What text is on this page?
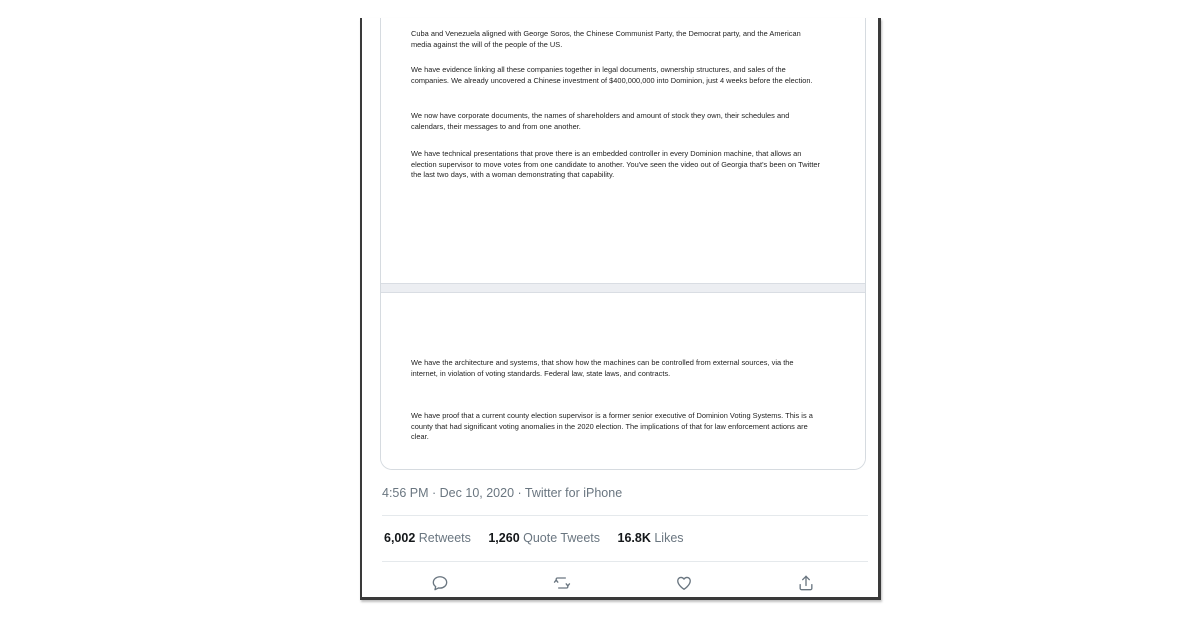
Cuba and Venezuela aligned with George Soros, the Chinese Communist Party, the Democrat party, and the American media against the will of the people of the US.

We have evidence linking all these companies together in legal documents, ownership structures, and sales of the companies. We already uncovered a Chinese investment of $400,000,000 into Dominion, just 4 weeks before the election.

We now have corporate documents, the names of shareholders and amount of stock they own, their schedules and calendars, their messages to and from one another.

We have technical presentations that prove there is an embedded controller in every Dominion machine, that allows an election supervisor to move votes from one candidate to another. You've seen the video out of Georgia that's been on Twitter the last two days, with a woman demonstrating that capability.

We have the architecture and systems, that show how the machines can be controlled from external sources, via the internet, in violation of voting standards. Federal law, state laws, and contracts.

We have proof that a current county election supervisor is a former senior executive of Dominion Voting Systems. This is a county that had significant voting anomalies in the 2020 election. The implications of that for law enforcement actions are clear.

4:56 PM · Dec 10, 2020 · Twitter for iPhone
6,002 Retweets 1,260 Quote Tweets 16.8K Likes
